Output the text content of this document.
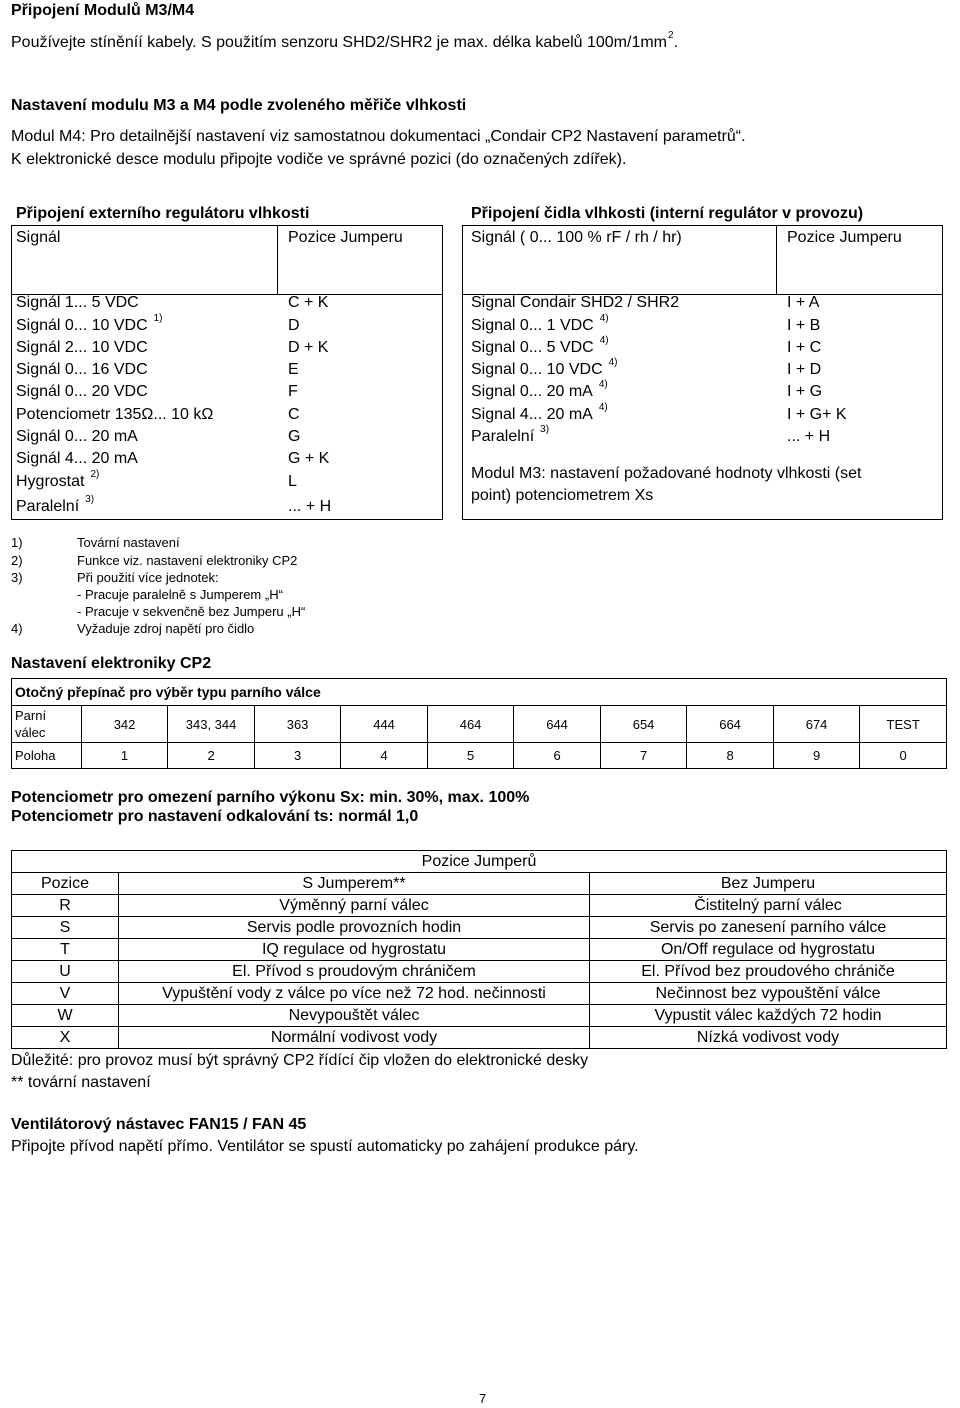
Připojení Modulů M3/M4
Používejte stíněníí kabely. S použitím senzoru SHD2/SHR2 je max. délka kabelů $100m/1mm^2$.
Nastavení modulu M3 a M4 podle zvoleného měřiče vlhkosti
Modul M4: Pro detailnější nastavení viz samostatnou dokumentaci „Condair CP2 Nastavení parametrů“.
K elektronické desce modulu připojte vodiče ve správné pozici (do označených zdířek).
Připojení externího regulátoru vlhkosti
Signál	Pozice Jumperu
Signál 1... 5 VDC	C + K
Signál 0... 10 VDC $^{1)}$	D
Signál 2... 10 VDC	D + K
Signál 0... 16 VDC	E
Signál 0... 20 VDC	F
Potenciometr 135Ω... 10 kΩ	C
Signál 0... 20 mA	G
Signál 4... 20 mA	G + K
Hygrostat $^{2)}$	L
Paralelní $^{3)}$	... + H
Připojení čidla vlhkosti (interní regulátor v provozu)
Signál ( 0... 100 % rF / rh / hr)	Pozice Jumperu
Signal Condair SHD2 / SHR2	I + A
Signal 0... 1 VDC $^{4)}$	I + B
Signal 0... 5 VDC $^{4)}$	I + C
Signal 0... 10 VDC $^{4)}$	I + D
Signal 0... 20 mA $^{4)}$	I + G
Signal 4... 20 mA $^{4)}$	I + G+ K
Paralelní $^{3)}$	... + H
Modul M3: nastavení požadované hodnoty vlhkosti (set
point) potenciometrem Xs
1)	Tovární nastavení
2)	Funkce viz. nastavení elektroniky CP2
3)	Při použití více jednotek:
- Pracuje paralelně s Jumperem „H“
- Pracuje v sekvenčně bez Jumperu „H“
4)	Vyžaduje zdroj napětí pro čidlo
Nastavení elektroniky CP2
Otočný přepínač pro výběr typu parního válce										
Parní
válec	342	343, 344	363	444	464	644	654	664	674	TEST
Poloha	1	2	3	4	5	6	7	8	9	0
Potenciometr pro omezení parního výkonu Sx: min. 30%, max. 100%
Potenciometr pro nastavení odkalování ts: normál 1,0
Pozice Jumperů		
Pozice	S Jumperem**	Bez Jumperu
R	Výměnný parní válec	Čistitelný parní válec
S	Servis podle provozních hodin	Servis po zanesení parního válce
T	IQ regulace od hygrostatu	On/Off regulace od hygrostatu
U	El. Přívod s proudovým chráničem	El. Přívod bez proudového chrániče
V	Vypuštění vody z válce po více než 72 hod. nečinnosti	Nečinnost bez vypouštění válce
W	Nevypouštět válec	Vypustit válec každých 72 hodin
X	Normální vodivost vody	Nízká vodivost vody
Důležité: pro provoz musí být správný CP2 řídící čip vložen do elektronické desky
** tovární nastavení
Ventilátorový nástavec FAN15 / FAN 45
Připojte přívod napětí přímo. Ventilátor se spustí automaticky po zahájení produkce páry.
7
